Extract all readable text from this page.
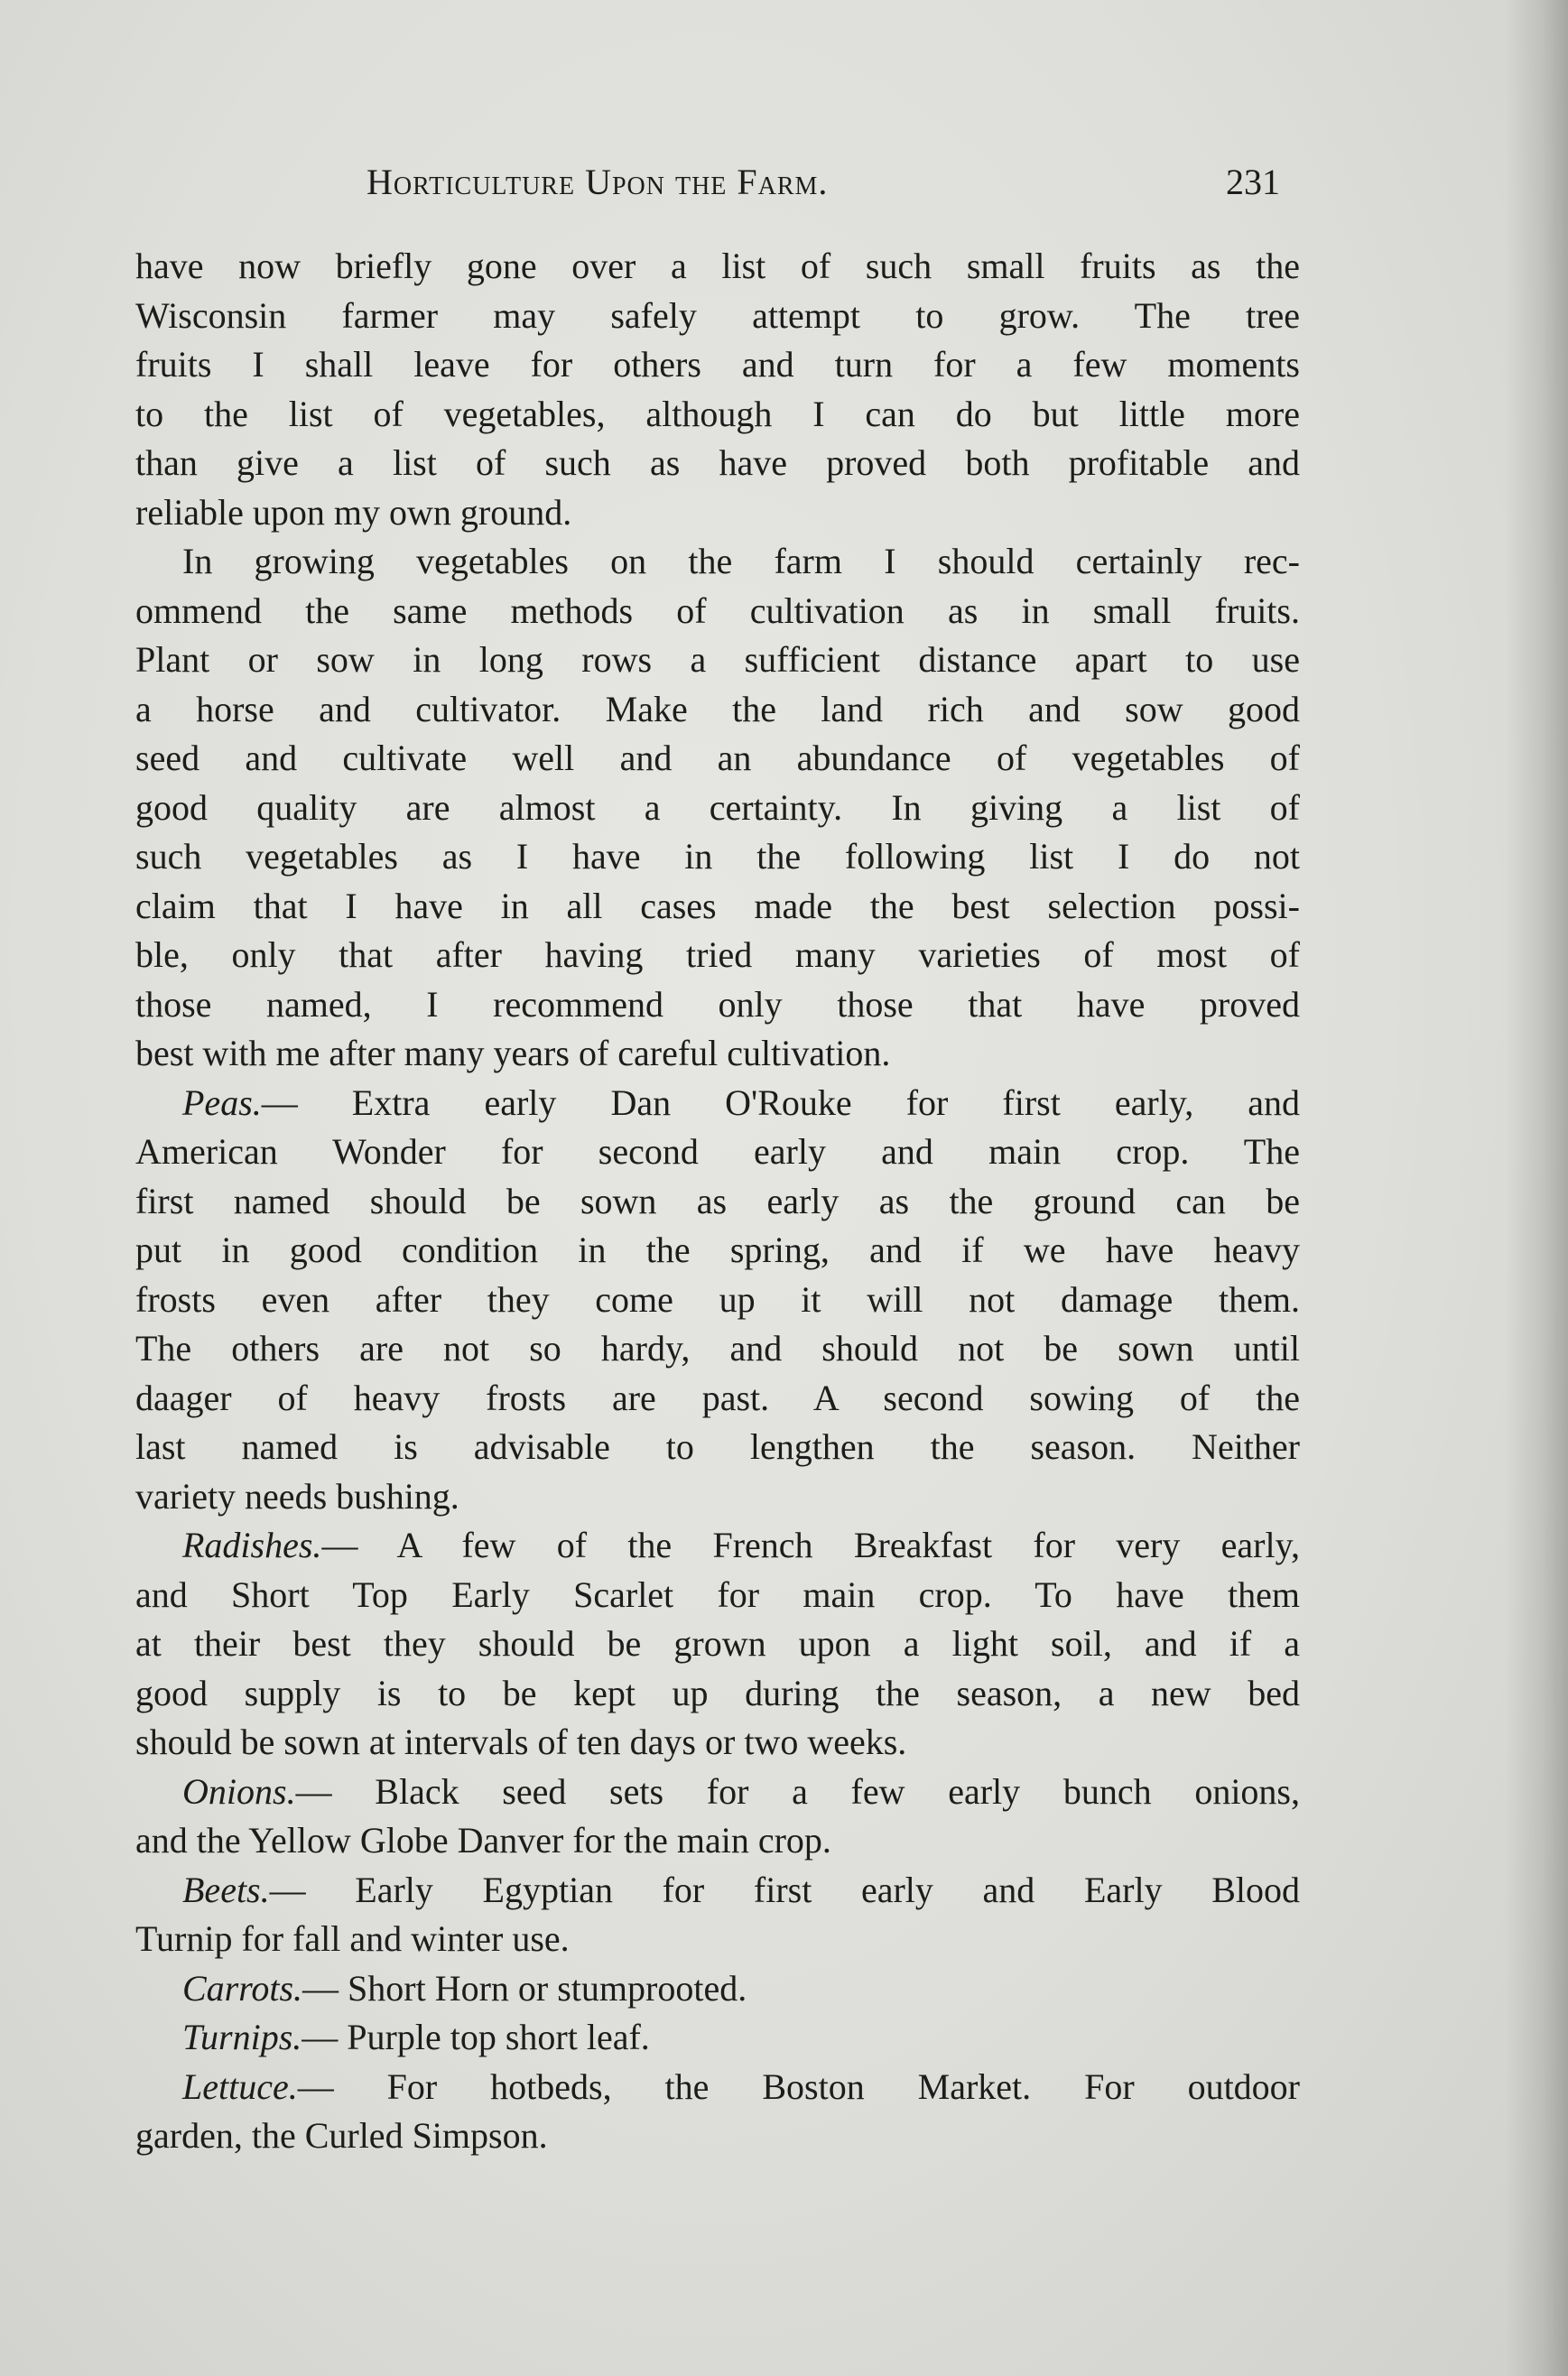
Horticulture Upon the Farm.	231
have now briefly gone over a list of such small fruits as the
Wisconsin farmer may safely attempt to grow. The tree
fruits I shall leave for others and turn for a few moments
to the list of vegetables, although I can do but little more
than give a list of such as have proved both profitable and
reliable upon my own ground.
In growing vegetables on the farm I should certainly rec-
ommend the same methods of cultivation as in small fruits.
Plant or sow in long rows a sufficient distance apart to use
a horse and cultivator. Make the land rich and sow good
seed and cultivate well and an abundance of vegetables of
good quality are almost a certainty. In giving a list of
such vegetables as I have in the following list I do not
claim that I have in all cases made the best selection possi-
ble, only that after having tried many varieties of most of
those named, I recommend only those that have proved
best with me after many years of careful cultivation.
Peas.— Extra early Dan O'Rouke for first early, and
American Wonder for second early and main crop. The
first named should be sown as early as the ground can be
put in good condition in the spring, and if we have heavy
frosts even after they come up it will not damage them.
The others are not so hardy, and should not be sown until
daager of heavy frosts are past. A second sowing of the
last named is advisable to lengthen the season. Neither
variety needs bushing.
Radishes.— A few of the French Breakfast for very early,
and Short Top Early Scarlet for main crop. To have them
at their best they should be grown upon a light soil, and if a
good supply is to be kept up during the season, a new bed
should be sown at intervals of ten days or two weeks.
Onions.— Black seed sets for a few early bunch onions,
and the Yellow Globe Danver for the main crop.
Beets.— Early Egyptian for first early and Early Blood
Turnip for fall and winter use.
Carrots.— Short Horn or stumprooted.
Turnips.— Purple top short leaf.
Lettuce.— For hotbeds, the Boston Market. For outdoor
garden, the Curled Simpson.
